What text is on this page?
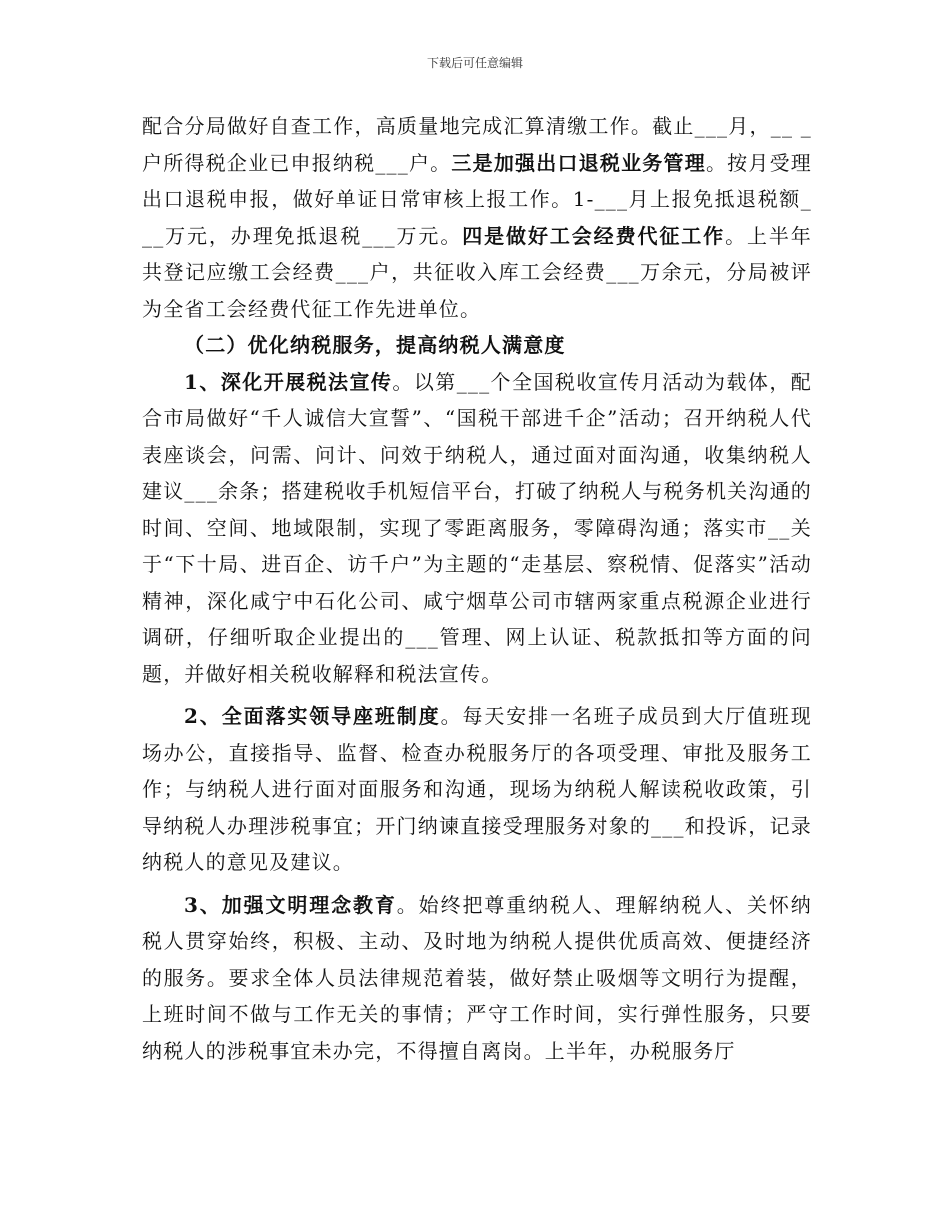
下载后可任意编辑

配合分局做好自查工作，高质量地完成汇算清缴工作。截止___月，__ _户所得税企业已申报纳税___户。三是加强出口退税业务管理。按月受理出口退税申报，做好单证日常审核上报工作。1-___月上报免抵退税额___万元，办理免抵退税___万元。四是做好工会经费代征工作。上半年共登记应缴工会经费___户，共征收入库工会经费___万余元，分局被评为全省工会经费代征工作先进单位。

（二）优化纳税服务，提高纳税人满意度

1、深化开展税法宣传。以第___个全国税收宣传月活动为载体，配合市局做好“千人诚信大宣誓”、“国税干部进千企”活动；召开纳税人代表座谈会，问需、问计、问效于纳税人，通过面对面沟通，收集纳税人建议___余条；搭建税收手机短信平台，打破了纳税人与税务机关沟通的时间、空间、地域限制，实现了零距离服务，零障碍沟通；落实市__关于“下十局、进百企、访千户”为主题的“走基层、察税情、促落实”活动精神，深化咸宁中石化公司、咸宁烟草公司市辖两家重点税源企业进行调研，仔细听取企业提出的___管理、网上认证、税款抵扣等方面的问题，并做好相关税收解释和税法宣传。

2、全面落实领导座班制度。每天安排一名班子成员到大厅值班现场办公，直接指导、监督、检查办税服务厅的各项受理、审批及服务工作；与纳税人进行面对面服务和沟通，现场为纳税人解读税收政策，引导纳税人办理涉税事宜；开门纳谏直接受理服务对象的___和投诉，记录纳税人的意见及建议。

3、加强文明理念教育。始终把尊重纳税人、理解纳税人、关怀纳税人贯穿始终，积极、主动、及时地为纳税人提供优质高效、便捷经济的服务。要求全体人员法律规范着装，做好禁止吸烟等文明行为提醒，上班时间不做与工作无关的事情；严守工作时间，实行弹性服务，只要纳税人的涉税事宜未办完，不得擅自离岗。上半年，办税服务厅
